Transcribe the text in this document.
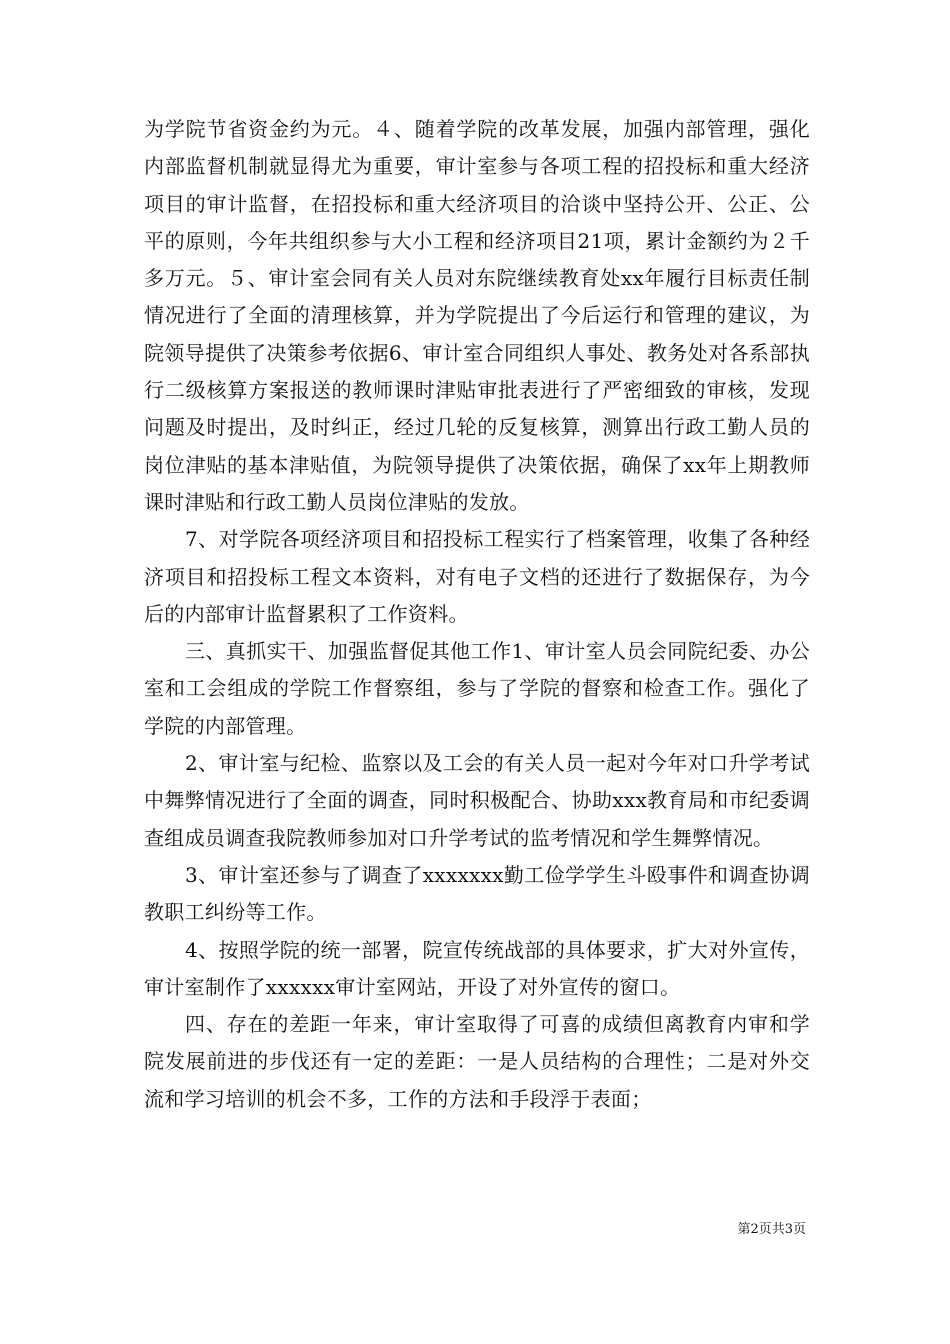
为学院节省资金约为元。４、随着学院的改革发展，加强内部管理，强化内部监督机制就显得尤为重要，审计室参与各项工程的招投标和重大经济项目的审计监督，在招投标和重大经济项目的洽谈中坚持公开、公正、公平的原则，今年共组织参与大小工程和经济项目21项，累计金额约为２千多万元。５、审计室会同有关人员对东院继续教育处xx年履行目标责任制情况进行了全面的清理核算，并为学院提出了今后运行和管理的建议，为院领导提供了决策参考依据6、审计室合同组织人事处、教务处对各系部执行二级核算方案报送的教师课时津贴审批表进行了严密细致的审核，发现问题及时提出，及时纠正，经过几轮的反复核算，测算出行政工勤人员的岗位津贴的基本津贴值，为院领导提供了决策依据，确保了xx年上期教师课时津贴和行政工勤人员岗位津贴的发放。

7、对学院各项经济项目和招投标工程实行了档案管理，收集了各种经济项目和招投标工程文本资料，对有电子文档的还进行了数据保存，为今后的内部审计监督累积了工作资料。

三、真抓实干、加强监督促其他工作1、审计室人员会同院纪委、办公室和工会组成的学院工作督察组，参与了学院的督察和检查工作。强化了学院的内部管理。

2、审计室与纪检、监察以及工会的有关人员一起对今年对口升学考试中舞弊情况进行了全面的调查，同时积极配合、协助xxx教育局和市纪委调查组成员调查我院教师参加对口升学考试的监考情况和学生舞弊情况。

3、审计室还参与了调查了xxxxxxx勤工俭学学生斗殴事件和调查协调教职工纠纷等工作。

4、按照学院的统一部署，院宣传统战部的具体要求，扩大对外宣传，审计室制作了xxxxxx审计室网站，开设了对外宣传的窗口。

四、存在的差距一年来，审计室取得了可喜的成绩但离教育内审和学院发展前进的步伐还有一定的差距：一是人员结构的合理性；二是对外交流和学习培训的机会不多，工作的方法和手段浮于表面；

第2页共3页
